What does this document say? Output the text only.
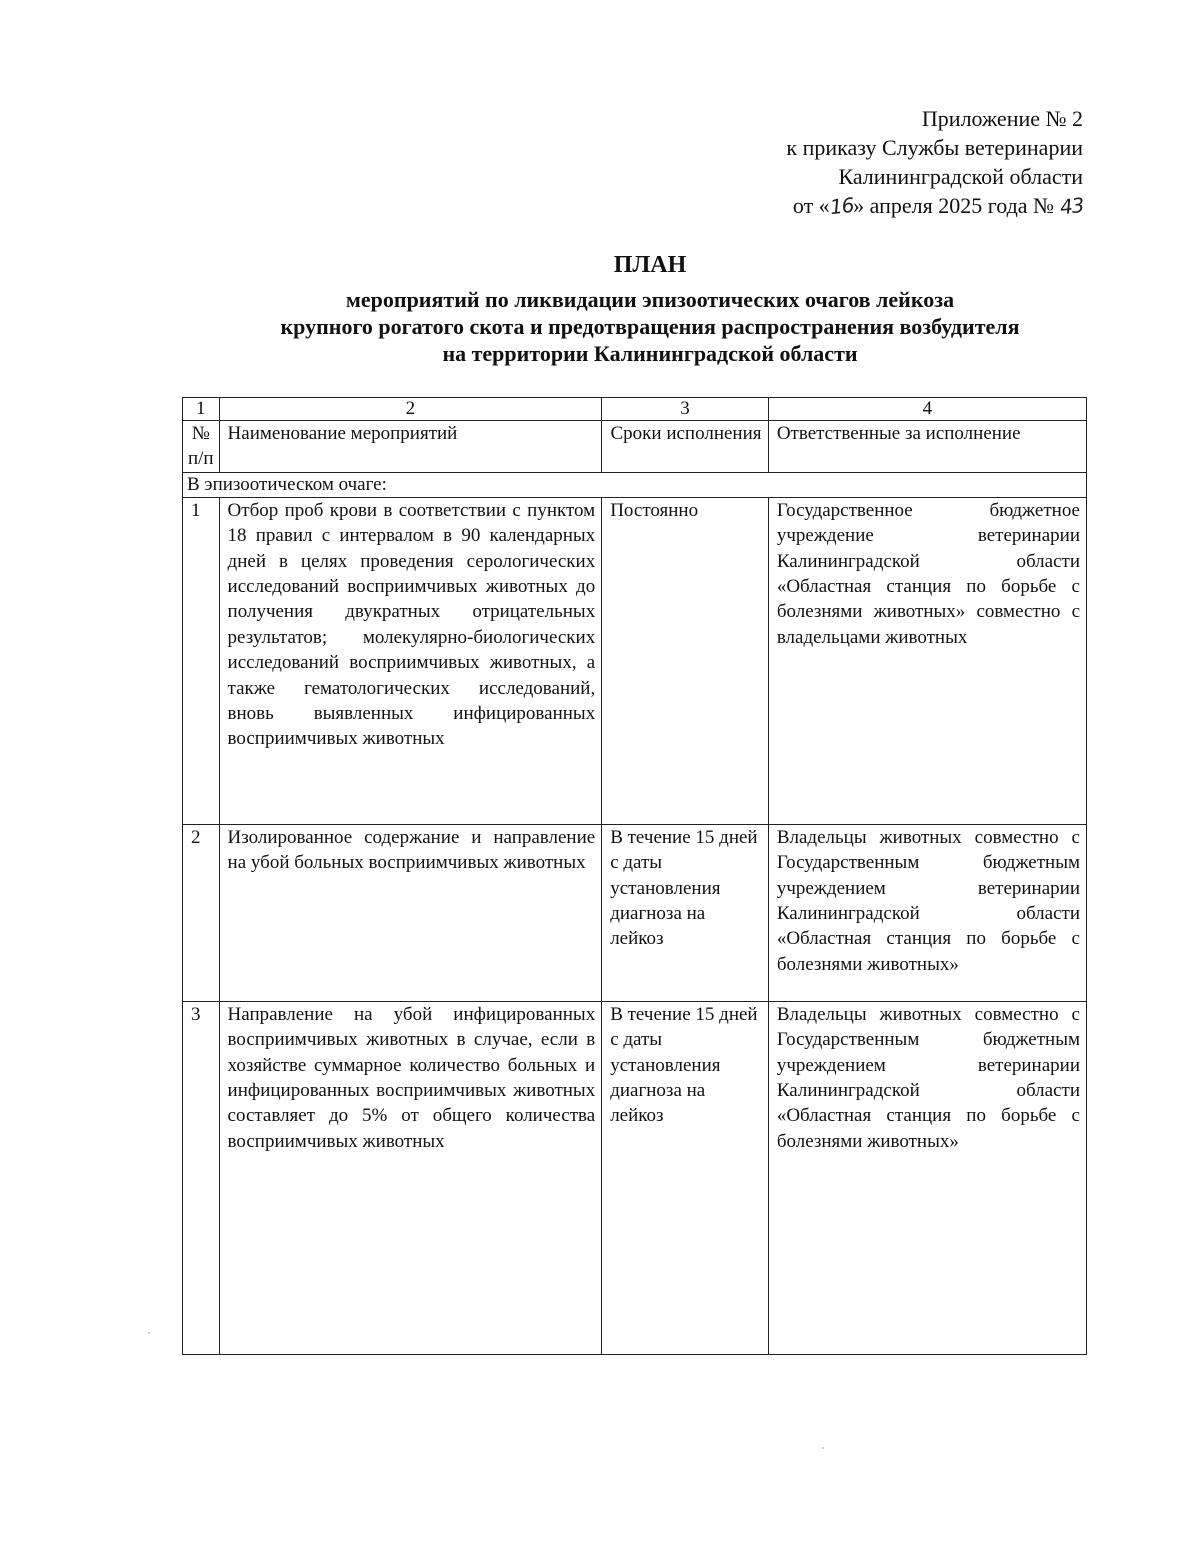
Приложение № 2
к приказу Службы ветеринарии
Калининградской области
от «16» апреля 2025 года № 43
ПЛАН
мероприятий по ликвидации эпизоотических очагов лейкоза
крупного рогатого скота и предотвращения распространения возбудителя
на территории Калининградской области
1	2	3	4
№ п/п	Наименование мероприятий	Сроки исполнения	Ответственные за исполнение
В эпизоотическом очаге:			
1	Отбор проб крови в соответствии с пунктом 18 правил с интервалом в 90 календарных дней в целях проведения серологических исследований восприимчивых животных до получения двукратных отрицательных результатов; молекулярно-биологических исследований восприимчивых животных, а также гематологических исследований, вновь выявленных инфицированных восприимчивых животных	Постоянно	Государственное бюджетное учреждение ветеринарии Калининградской области «Областная станция по борьбе с болезнями животных» совместно с владельцами животных
2	Изолированное содержание и направление на убой больных восприимчивых животных	В течение 15 дней с даты установления диагноза на лейкоз	Владельцы животных совместно с Государственным бюджетным учреждением ветеринарии Калининградской области «Областная станция по борьбе с болезнями животных»
3	Направление на убой инфицированных восприимчивых животных в случае, если в хозяйстве суммарное количество больных и инфицированных восприимчивых животных составляет до 5% от общего количества восприимчивых животных	В течение 15 дней с даты установления диагноза на лейкоз	Владельцы животных совместно с Государственным бюджетным учреждением ветеринарии Калининградской области «Областная станция по борьбе с болезнями животных»
